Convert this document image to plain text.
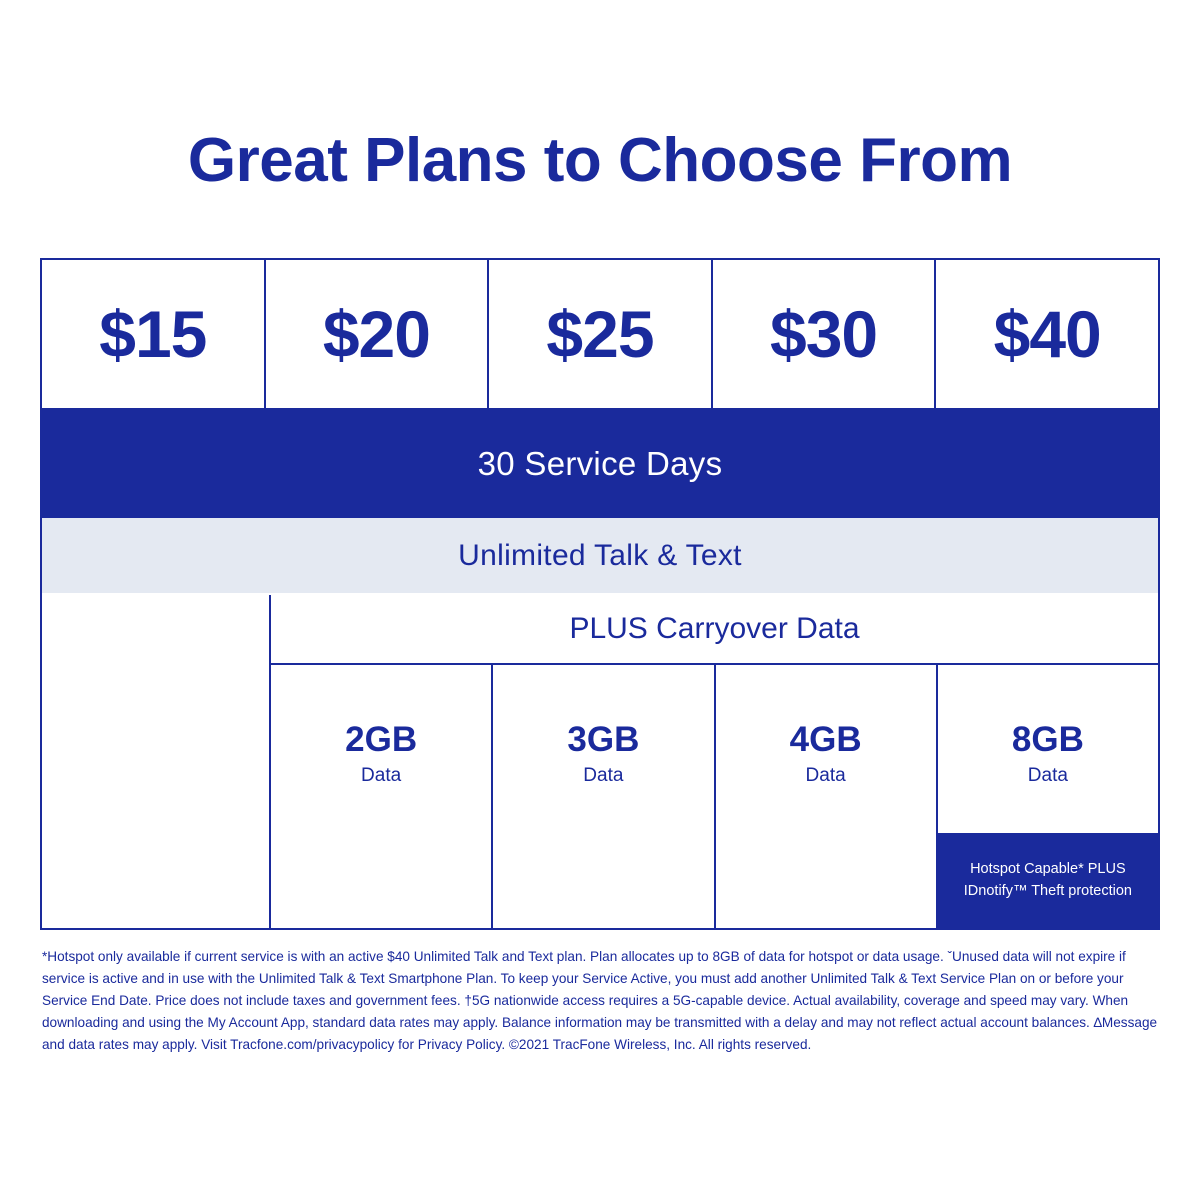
Great Plans to Choose From
$15 $20 $25 $30 $40
30 Service Days
Unlimited Talk & Text
PLUS Carryover Data
2GB
Data
3GB
Data
4GB
Data
8GB
Data
Hotspot Capable* PLUS
IDnotify™ Theft protection
*Hotspot only available if current service is with an active $40 Unlimited Talk and Text plan. Plan allocates up to 8GB of data for hotspot or data usage. ˇUnused data will not expire if service is active and in use with the Unlimited Talk & Text Smartphone Plan. To keep your Service Active, you must add another Unlimited Talk & Text Service Plan on or before your Service End Date. Price does not include taxes and government fees. †5G nationwide access requires a 5G-capable device. Actual availability, coverage and speed may vary. When downloading and using the My Account App, standard data rates may apply. Balance information may be transmitted with a delay and may not reflect actual account balances. ∆Message and data rates may apply. Visit Tracfone.com/privacypolicy for Privacy Policy. ©2021 TracFone Wireless, Inc. All rights reserved.
